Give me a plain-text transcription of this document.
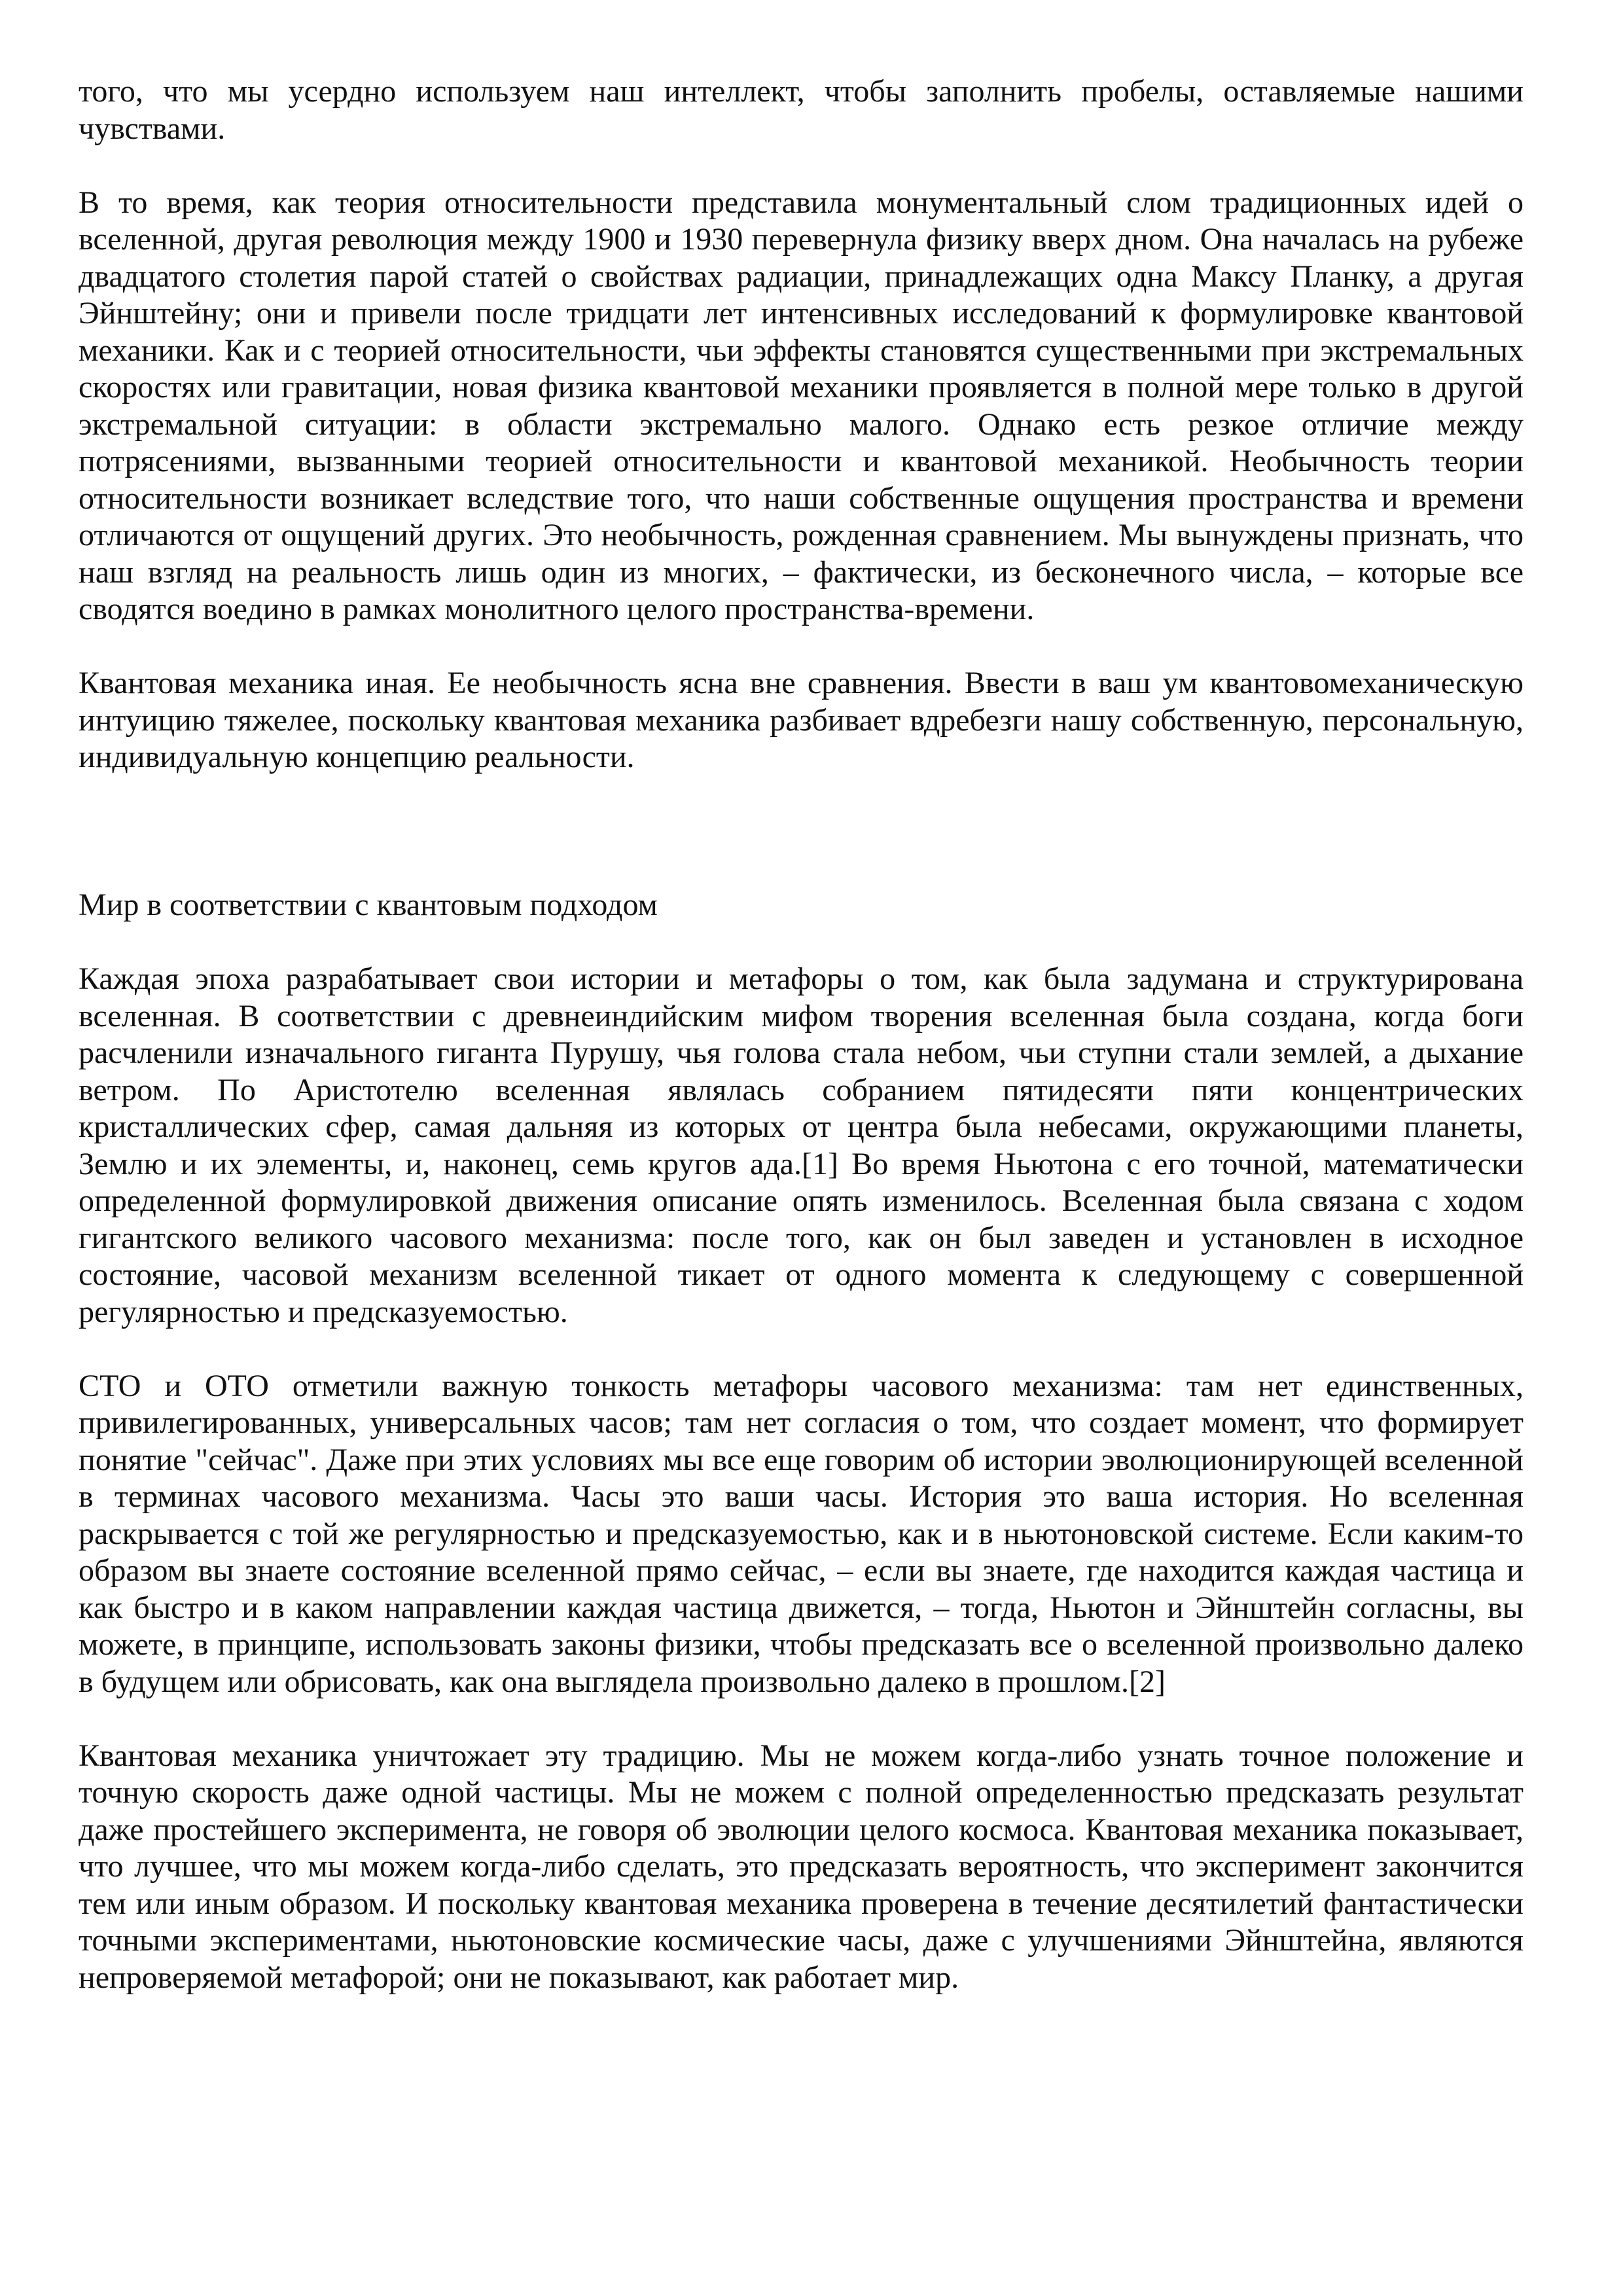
того, что мы усердно используем наш интеллект, чтобы заполнить пробелы, оставляемые нашими чувствами.

В то время, как теория относительности представила монументальный слом традиционных идей о вселенной, другая революция между 1900 и 1930 перевернула физику вверх дном. Она началась на рубеже двадцатого столетия парой статей о свойствах радиации, принадлежащих одна Максу Планку, а другая Эйнштейну; они и привели после тридцати лет интенсивных исследований к формулировке квантовой механики. Как и с теорией относительности, чьи эффекты становятся существенными при экстремальных скоростях или гравитации, новая физика квантовой механики проявляется в полной мере только в другой экстремальной ситуации: в области экстремально малого. Однако есть резкое отличие между потрясениями, вызванными теорией относительности и квантовой механикой. Необычность теории относительности возникает вследствие того, что наши собственные ощущения пространства и времени отличаются от ощущений других. Это необычность, рожденная сравнением. Мы вынуждены признать, что наш взгляд на реальность лишь один из многих, – фактически, из бесконечного числа, – которые все сводятся воедино в рамках монолитного целого пространства-времени.

Квантовая механика иная. Ее необычность ясна вне сравнения. Ввести в ваш ум квантовомеханическую интуицию тяжелее, поскольку квантовая механика разбивает вдребезги нашу собственную, персональную, индивидуальную концепцию реальности.

Мир в соответствии с квантовым подходом

Каждая эпоха разрабатывает свои истории и метафоры о том, как была задумана и структурирована вселенная. В соответствии с древнеиндийским мифом творения вселенная была создана, когда боги расчленили изначального гиганта Пурушу, чья голова стала небом, чьи ступни стали землей, а дыхание ветром. По Аристотелю вселенная являлась собранием пятидесяти пяти концентрических кристаллических сфер, самая дальняя из которых от центра была небесами, окружающими планеты, Землю и их элементы, и, наконец, семь кругов ада.[1] Во время Ньютона с его точной, математически определенной формулировкой движения описание опять изменилось. Вселенная была связана с ходом гигантского великого часового механизма: после того, как он был заведен и установлен в исходное состояние, часовой механизм вселенной тикает от одного момента к следующему с совершенной регулярностью и предсказуемостью.

СТО и ОТО отметили важную тонкость метафоры часового механизма: там нет единственных, привилегированных, универсальных часов; там нет согласия о том, что создает момент, что формирует понятие "сейчас". Даже при этих условиях мы все еще говорим об истории эволюционирующей вселенной в терминах часового механизма. Часы это ваши часы. История это ваша история. Но вселенная раскрывается с той же регулярностью и предсказуемостью, как и в ньютоновской системе. Если каким-то образом вы знаете состояние вселенной прямо сейчас, – если вы знаете, где находится каждая частица и как быстро и в каком направлении каждая частица движется, – тогда, Ньютон и Эйнштейн согласны, вы можете, в принципе, использовать законы физики, чтобы предсказать все о вселенной произвольно далеко в будущем или обрисовать, как она выглядела произвольно далеко в прошлом.[2]

Квантовая механика уничтожает эту традицию. Мы не можем когда-либо узнать точное положение и точную скорость даже одной частицы. Мы не можем с полной определенностью предсказать результат даже простейшего эксперимента, не говоря об эволюции целого космоса. Квантовая механика показывает, что лучшее, что мы можем когда-либо сделать, это предсказать вероятность, что эксперимент закончится тем или иным образом. И поскольку квантовая механика проверена в течение десятилетий фантастически точными экспериментами, ньютоновские космические часы, даже с улучшениями Эйнштейна, являются непроверяемой метафорой; они не показывают, как работает мир.
